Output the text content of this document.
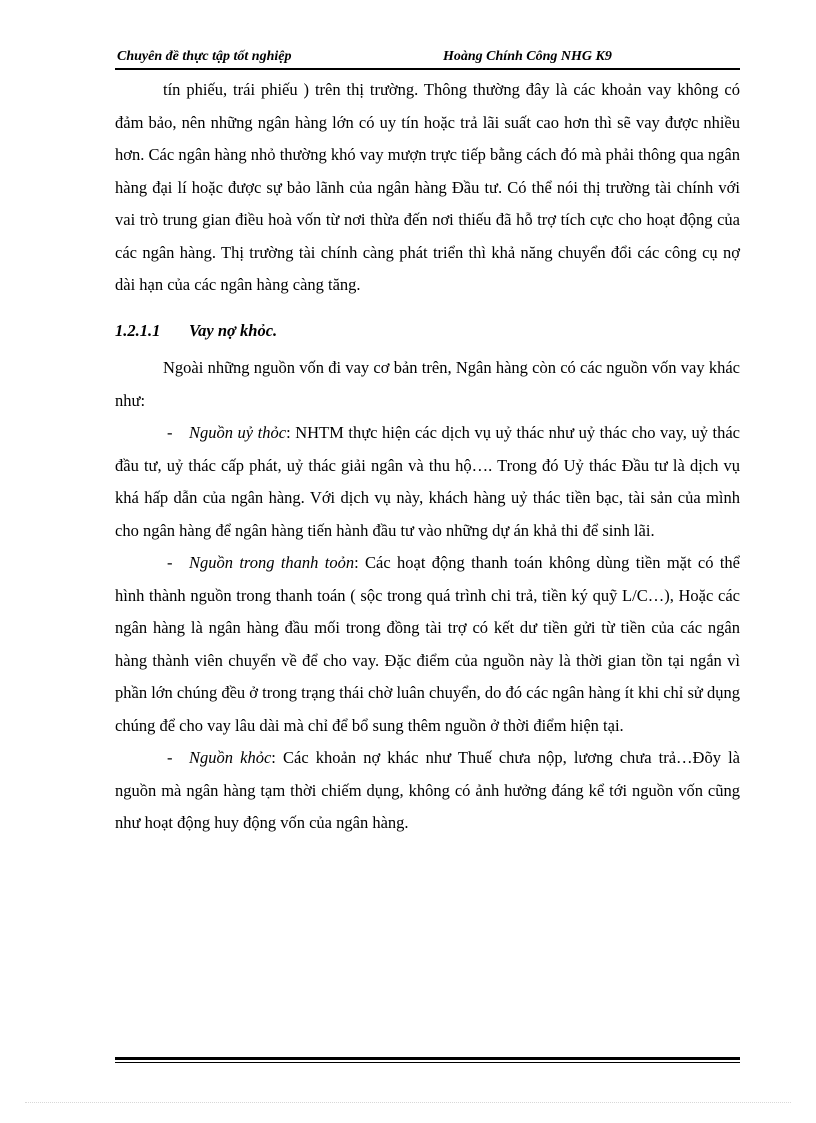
Chuyên đề thực tập tốt nghiệp	Hoàng Chính Công NHG K9

tín phiếu, trái phiếu ) trên thị trường. Thông thường đây là các khoản vay không có đảm bảo, nên những ngân hàng lớn có uy tín hoặc trả lãi suất cao hơn thì sẽ vay được nhiều hơn. Các ngân hàng nhỏ thường khó vay mượn trực tiếp bằng cách đó mà phải thông qua ngân hàng đại lí hoặc được sự bảo lãnh của ngân hàng Đầu tư. Có thể nói thị trường tài chính với vai trò trung gian điều hoà vốn từ nơi thừa đến nơi thiếu đã hỗ trợ tích cực cho hoạt động của các ngân hàng. Thị trường tài chính càng phát triển thì khả năng chuyển đổi các công cụ nợ dài hạn của các ngân hàng càng tăng.

1.2.1.1 Vay nợ khỏc.

Ngoài những nguồn vốn đi vay cơ bản trên, Ngân hàng còn có các nguồn vốn vay khác như:

- Nguồn uỷ thỏc: NHTM thực hiện các dịch vụ uỷ thác như uỷ thác cho vay, uỷ thác đầu tư, uỷ thác cấp phát, uỷ thác giải ngân và thu hộ…. Trong đó Uỷ thác Đầu tư là dịch vụ khá hấp dẫn của ngân hàng. Với dịch vụ này, khách hàng uỷ thác tiền bạc, tài sản của mình cho ngân hàng để ngân hàng tiến hành đầu tư vào những dự án khả thi để sinh lãi.

- Nguồn trong thanh toỏn: Các hoạt động thanh toán không dùng tiền mặt có thể hình thành nguồn trong thanh toán ( sộc trong quá trình chi trả, tiền ký quỹ L/C…), Hoặc các ngân hàng là ngân hàng đầu mối trong đồng tài trợ có kết dư tiền gửi từ tiền của các ngân hàng thành viên chuyển về để cho vay. Đặc điểm của nguồn này là thời gian tồn tại ngắn vì phần lớn chúng đều ở trong trạng thái chờ luân chuyển, do đó các ngân hàng ít khi chỉ sử dụng chúng để cho vay lâu dài mà chỉ để bổ sung thêm nguồn ở thời điểm hiện tại.

- Nguồn khỏc: Các khoản nợ khác như Thuế chưa nộp, lương chưa trả…Đõy là nguồn mà ngân hàng tạm thời chiếm dụng, không có ảnh hưởng đáng kể tới nguồn vốn cũng như hoạt động huy động vốn của ngân hàng.
